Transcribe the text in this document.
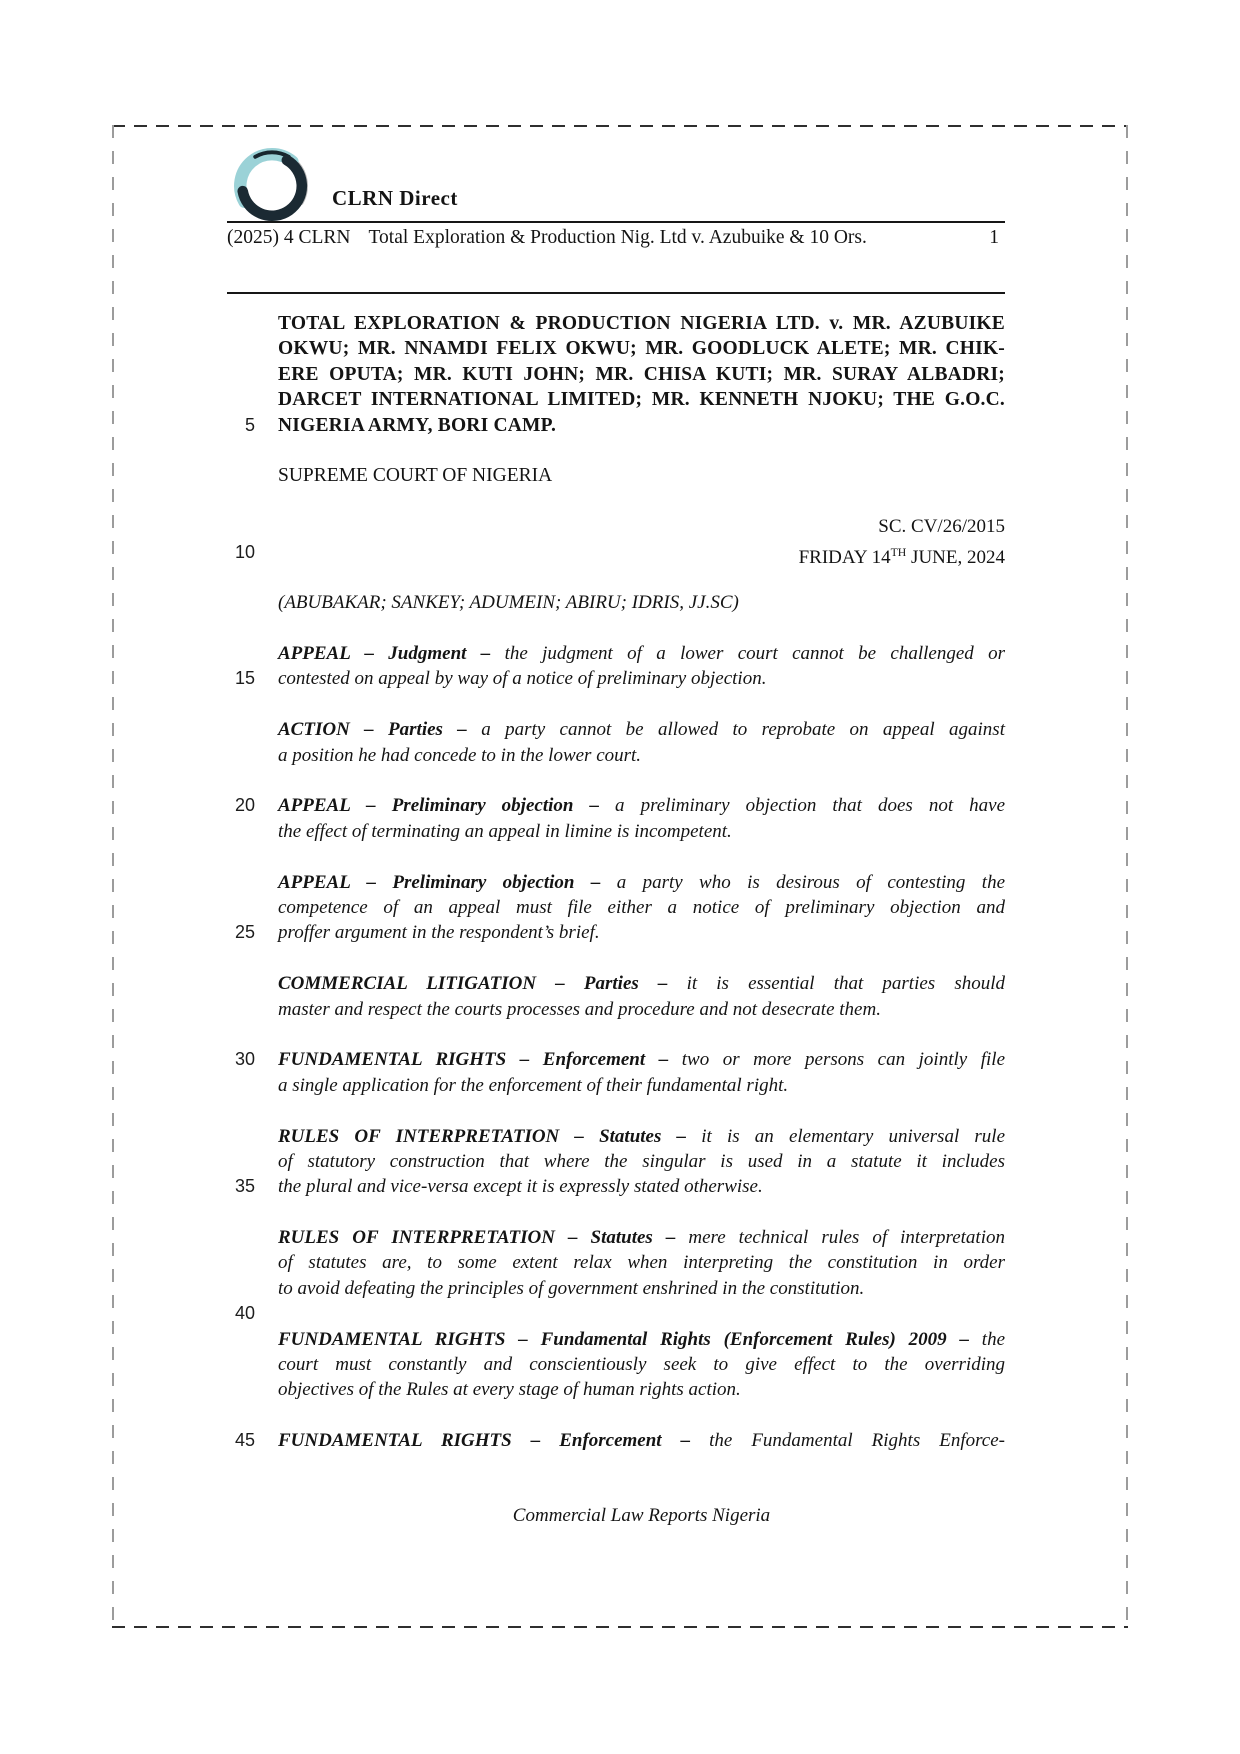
CLRN Direct
(2025) 4 CLRN Total Exploration & Production Nig. Ltd v. Azubuike & 10 Ors.	1
TOTAL EXPLORATION & PRODUCTION NIGERIA LTD. v. MR. AZUBUIKE
OKWU; MR. NNAMDI FELIX OKWU; MR. GOODLUCK ALETE; MR. CHIK-
ERE OPUTA; MR. KUTI JOHN; MR. CHISA KUTI; MR. SURAY ALBADRI;
DARCET INTERNATIONAL LIMITED; MR. KENNETH NJOKU; THE G.O.C.
5	NIGERIA ARMY, BORI CAMP.
SUPREME COURT OF NIGERIA
SC. CV/26/2015
10	FRIDAY 14TH JUNE, 2024
(ABUBAKAR; SANKEY; ADUMEIN; ABIRU; IDRIS, JJ.SC)
APPEAL – Judgment – the judgment of a lower court cannot be challenged or
15	contested on appeal by way of a notice of preliminary objection.
ACTION – Parties – a party cannot be allowed to reprobate on appeal against
a position he had concede to in the lower court.
20	APPEAL – Preliminary objection – a preliminary objection that does not have
the effect of terminating an appeal in limine is incompetent.
APPEAL – Preliminary objection – a party who is desirous of contesting the
competence of an appeal must file either a notice of preliminary objection and
25	proffer argument in the respondent’s brief.
COMMERCIAL LITIGATION – Parties – it is essential that parties should
master and respect the courts processes and procedure and not desecrate them.
30	FUNDAMENTAL RIGHTS – Enforcement – two or more persons can jointly file
a single application for the enforcement of their fundamental right.
RULES OF INTERPRETATION – Statutes – it is an elementary universal rule
of statutory construction that where the singular is used in a statute it includes
35	the plural and vice-versa except it is expressly stated otherwise.
RULES OF INTERPRETATION – Statutes – mere technical rules of interpretation
of statutes are, to some extent relax when interpreting the constitution in order
to avoid defeating the principles of government enshrined in the constitution.
40
FUNDAMENTAL RIGHTS – Fundamental Rights (Enforcement Rules) 2009 – the
court must constantly and conscientiously seek to give effect to the overriding
objectives of the Rules at every stage of human rights action.
45	FUNDAMENTAL RIGHTS – Enforcement – the Fundamental Rights Enforce-
Commercial Law Reports Nigeria
